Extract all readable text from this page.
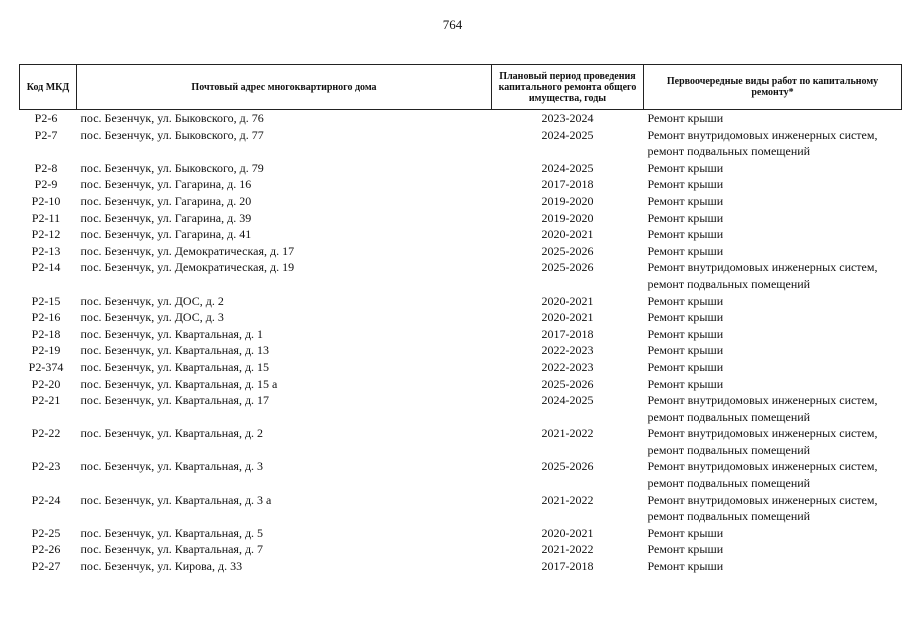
764
Код МКД	Почтовый адрес многоквартирного дома	Плановый период проведения капитального ремонта общего имущества, годы	Первоочередные виды работ по капитальному ремонту*
Р2-6	пос. Безенчук, ул. Быковского, д. 76	2023-2024	Ремонт крыши

Р2-7	пос. Безенчук, ул. Быковского, д. 77	2024-2025	Ремонт внутридомовых инженерных систем,
ремонт подвальных помещений

Р2-8	пос. Безенчук, ул. Быковского, д. 79	2024-2025	Ремонт крыши

Р2-9	пос. Безенчук, ул. Гагарина, д. 16	2017-2018	Ремонт крыши

Р2-10	пос. Безенчук, ул. Гагарина, д. 20	2019-2020	Ремонт крыши

Р2-11	пос. Безенчук, ул. Гагарина, д. 39	2019-2020	Ремонт крыши

Р2-12	пос. Безенчук, ул. Гагарина, д. 41	2020-2021	Ремонт крыши

Р2-13	пос. Безенчук, ул. Демократическая, д. 17	2025-2026	Ремонт крыши

Р2-14	пос. Безенчук, ул. Демократическая, д. 19	2025-2026	Ремонт внутридомовых инженерных систем,
ремонт подвальных помещений

Р2-15	пос. Безенчук, ул. ДОС, д. 2	2020-2021	Ремонт крыши

Р2-16	пос. Безенчук, ул. ДОС, д. 3	2020-2021	Ремонт крыши

Р2-18	пос. Безенчук, ул. Квартальная, д. 1	2017-2018	Ремонт крыши

Р2-19	пос. Безенчук, ул. Квартальная, д. 13	2022-2023	Ремонт крыши

Р2-374	пос. Безенчук, ул. Квартальная, д. 15	2022-2023	Ремонт крыши

Р2-20	пос. Безенчук, ул. Квартальная, д. 15 а	2025-2026	Ремонт крыши

Р2-21	пос. Безенчук, ул. Квартальная, д. 17	2024-2025	Ремонт внутридомовых инженерных систем,
ремонт подвальных помещений

Р2-22	пос. Безенчук, ул. Квартальная, д. 2	2021-2022	Ремонт внутридомовых инженерных систем,
ремонт подвальных помещений

Р2-23	пос. Безенчук, ул. Квартальная, д. 3	2025-2026	Ремонт внутридомовых инженерных систем,
ремонт подвальных помещений

Р2-24	пос. Безенчук, ул. Квартальная, д. 3 а	2021-2022	Ремонт внутридомовых инженерных систем,
ремонт подвальных помещений

Р2-25	пос. Безенчук, ул. Квартальная, д. 5	2020-2021	Ремонт крыши

Р2-26	пос. Безенчук, ул. Квартальная, д. 7	2021-2022	Ремонт крыши

Р2-27	пос. Безенчук, ул. Кирова, д. 33	2017-2018	Ремонт крыши
